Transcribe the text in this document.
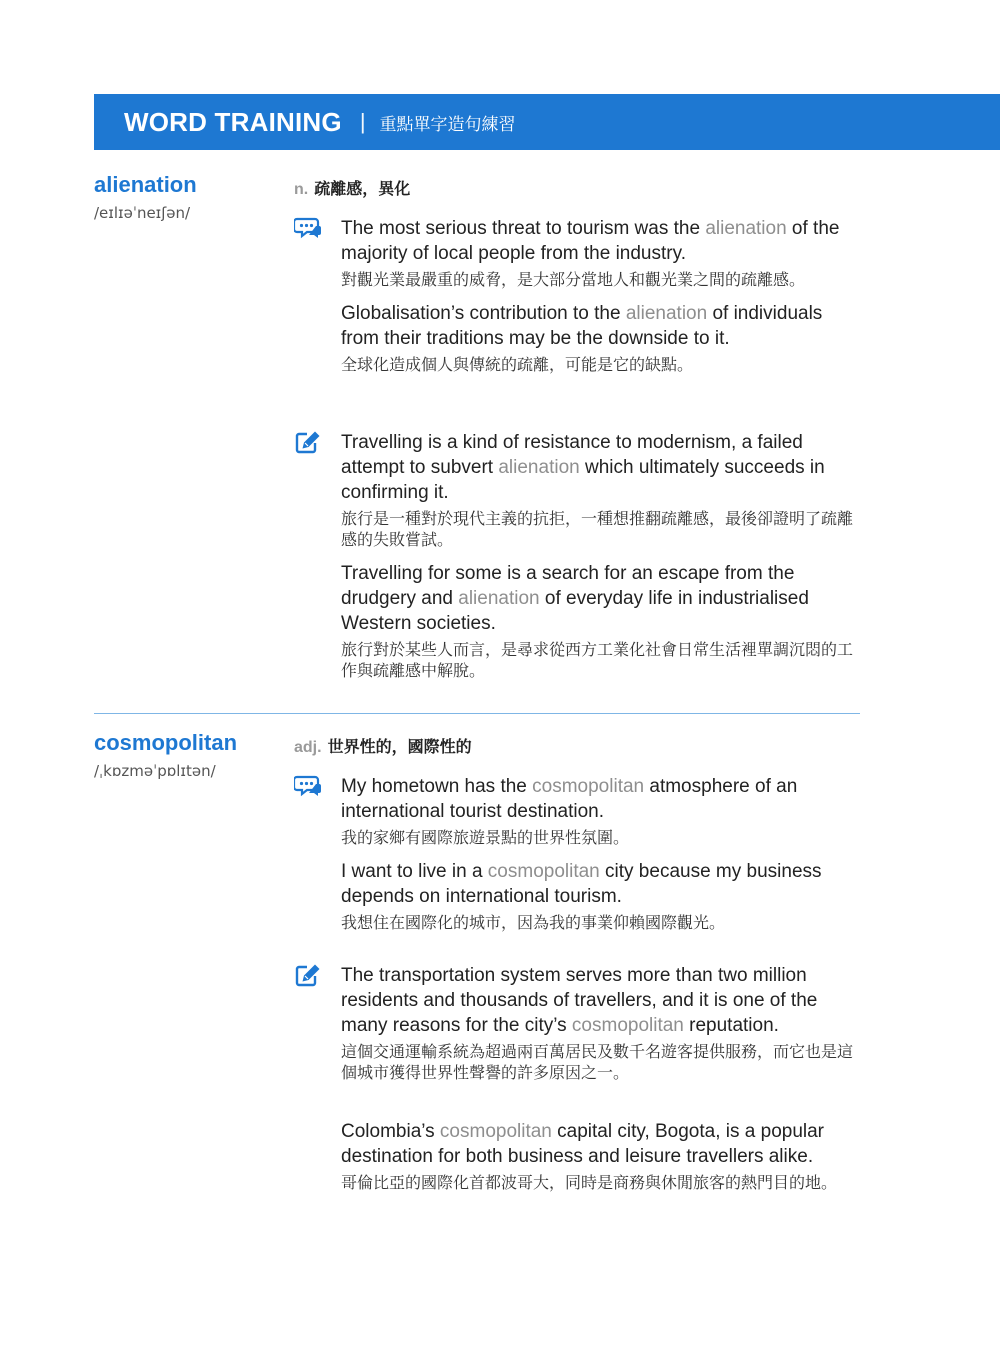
WORD TRAINING | 重點單字造句練習
alienation
/eɪlɪəˈneɪʃən/
n. 疏離感，異化
The most serious threat to tourism was the alienation of the majority of local people from the industry.
對觀光業最嚴重的威脅，是大部分當地人和觀光業之間的疏離感。
Globalisation’s contribution to the alienation of individuals from their traditions may be the downside to it.
全球化造成個人與傳統的疏離，可能是它的缺點。
Travelling is a kind of resistance to modernism, a failed attempt to subvert alienation which ultimately succeeds in confirming it.
旅行是一種對於現代主義的抗拒，一種想推翻疏離感，最後卻證明了疏離感的失敗嘗試。
Travelling for some is a search for an escape from the drudgery and alienation of everyday life in industrialised Western societies.
旅行對於某些人而言，是尋求從西方工業化社會日常生活裡單調沉悶的工作與疏離感中解脫。
cosmopolitan
/ˌkɒzməˈpɒlɪtən/
adj. 世界性的，國際性的
My hometown has the cosmopolitan atmosphere of an international tourist destination.
我的家鄉有國際旅遊景點的世界性氛圍。
I want to live in a cosmopolitan city because my business depends on international tourism.
我想住在國際化的城市，因為我的事業仰賴國際觀光。
The transportation system serves more than two million residents and thousands of travellers, and it is one of the many reasons for the city’s cosmopolitan reputation.
這個交通運輸系統為超過兩百萬居民及數千名遊客提供服務，而它也是這個城市獲得世界性聲譽的許多原因之一。
Colombia’s cosmopolitan capital city, Bogota, is a popular destination for both business and leisure travellers alike.
哥倫比亞的國際化首都波哥大，同時是商務與休閒旅客的熱門目的地。
